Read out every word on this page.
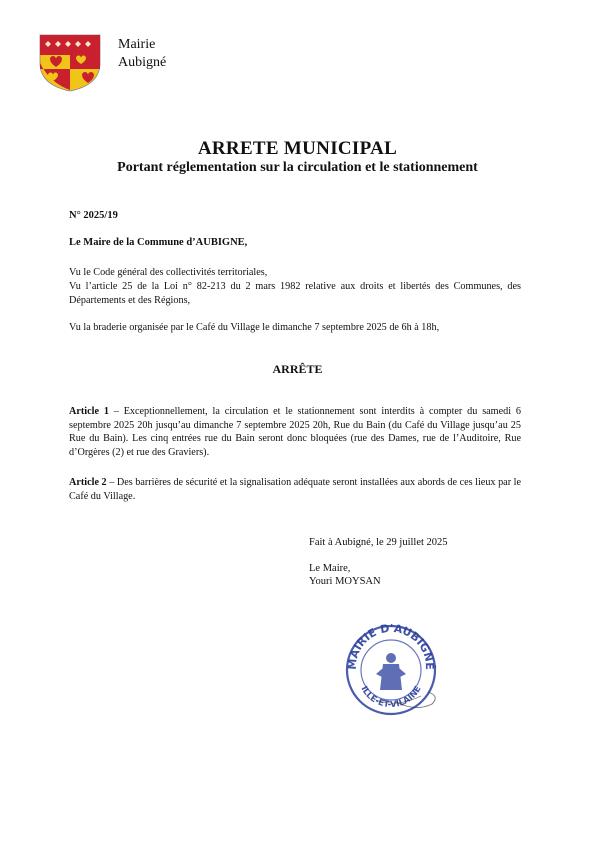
Mairie
Aubigné
ARRETE MUNICIPAL
Portant réglementation sur la circulation et le stationnement
N° 2025/19
Le Maire de la Commune d’AUBIGNE,
Vu le Code général des collectivités territoriales,
Vu l’article 25 de la Loi n° 82-213 du 2 mars 1982 relative aux droits et libertés des Communes, des Départements et des Régions,
Vu la braderie organisée par le Café du Village le dimanche 7 septembre 2025 de 6h à 18h,
ARRÊTE
Article 1 – Exceptionnellement, la circulation et le stationnement sont interdits à compter du samedi 6 septembre 2025 20h jusqu’au dimanche 7 septembre 2025 20h, Rue du Bain (du Café du Village jusqu’au 25 Rue du Bain). Les cinq entrées rue du Bain seront donc bloquées (rue des Dames, rue de l’Auditoire, Rue d’Orgères (2) et rue des Graviers).
Article 2 – Des barrières de sécurité et la signalisation adéquate seront installées aux abords de ces lieux par le Café du Village.
Fait à Aubigné, le 29 juillet 2025
Le Maire,
Youri MOYSAN
MAIRIE D'AUBIGNÉ
ILLE-ET-VILAINE
